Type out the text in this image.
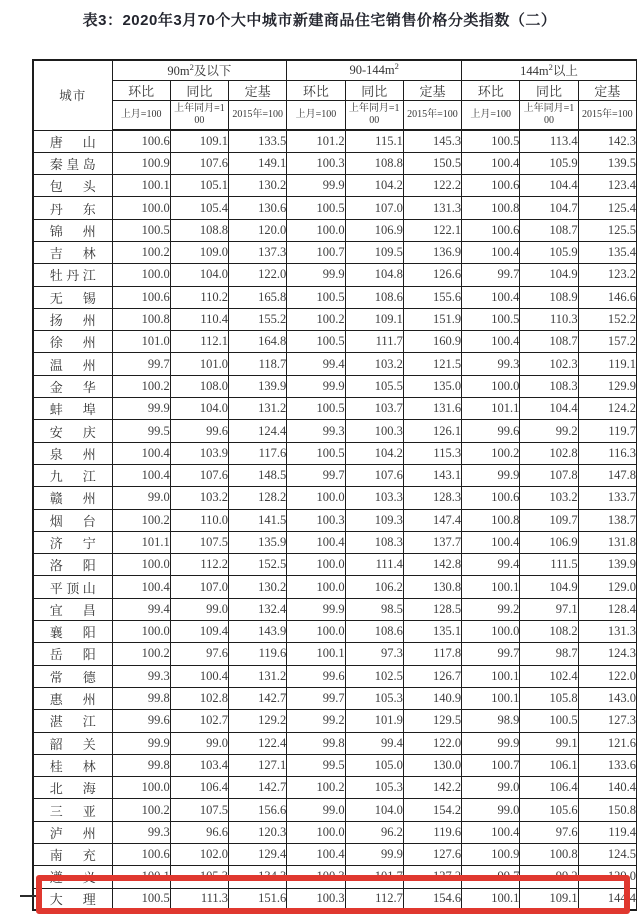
表3：2020年3月70个大中城市新建商品住宅销售价格分类指数（二）
城市	$90m^2$及以下			$90-144m^2$			$144m^2$以上		
	环比	同比	定基	环比	同比	定基	环比	同比	定基
	上月=100	上年同月=100	2015年=100	上月=100	上年同月=100	2015年=100	上月=100	上年同月=100	2015年=100
唐山	100.6	109.1	133.5	101.2	115.1	145.3	100.5	113.4	142.3
秦皇岛	100.9	107.6	149.1	100.3	108.8	150.5	100.4	105.9	139.5
包头	100.1	105.1	130.2	99.9	104.2	122.2	100.6	104.4	123.4
丹东	100.0	105.4	130.6	100.5	107.0	131.3	100.8	104.7	125.4
锦州	100.5	108.8	120.0	100.0	106.9	122.1	100.6	108.7	125.5
吉林	100.2	109.0	137.3	100.7	109.5	136.9	100.4	105.9	135.4
牡丹江	100.0	104.0	122.0	99.9	104.8	126.6	99.7	104.9	123.2
无锡	100.6	110.2	165.8	100.5	108.6	155.6	100.4	108.9	146.6
扬州	100.8	110.4	155.2	100.2	109.1	151.9	100.5	110.3	152.2
徐州	101.0	112.1	164.8	100.5	111.7	160.9	100.4	108.7	157.2
温州	99.7	101.0	118.7	99.4	103.2	121.5	99.3	102.3	119.1
金华	100.2	108.0	139.9	99.9	105.5	135.0	100.0	108.3	129.9
蚌埠	99.9	104.0	131.2	100.5	103.7	131.6	101.1	104.4	124.2
安庆	99.5	99.6	124.4	99.3	100.3	126.1	99.6	99.2	119.7
泉州	100.4	103.9	117.6	100.5	104.2	115.3	100.2	102.8	116.3
九江	100.4	107.6	148.5	99.7	107.6	143.1	99.9	107.8	147.8
赣州	99.0	103.2	128.2	100.0	103.3	128.3	100.6	103.2	133.7
烟台	100.2	110.0	141.5	100.3	109.3	147.4	100.8	109.7	138.7
济宁	101.1	107.5	135.9	100.4	108.3	137.7	100.4	106.9	131.8
洛阳	100.0	112.2	152.5	100.0	111.4	142.8	99.4	111.5	139.9
平顶山	100.4	107.0	130.2	100.0	106.2	130.8	100.1	104.9	129.0
宜昌	99.4	99.0	132.4	99.9	98.5	128.5	99.2	97.1	128.4
襄阳	100.0	109.4	143.9	100.0	108.6	135.1	100.0	108.2	131.3
岳阳	100.2	97.6	119.6	100.1	97.3	117.8	99.7	98.7	124.3
常德	99.3	100.4	131.2	99.6	102.5	126.7	100.1	102.4	122.0
惠州	99.8	102.8	142.7	99.7	105.3	140.9	100.1	105.8	143.0
湛江	99.6	102.7	129.2	99.2	101.9	129.5	98.9	100.5	127.3
韶关	99.9	99.0	122.4	99.8	99.4	122.0	99.9	99.1	121.6
桂林	99.8	103.4	127.1	99.5	105.0	130.0	100.7	106.1	133.6
北海	100.0	106.4	142.7	100.2	105.3	142.2	99.0	106.4	140.4
三亚	100.2	107.5	156.6	99.0	104.0	154.2	99.0	105.6	150.8
泸州	99.3	96.6	120.3	100.0	96.2	119.6	100.4	97.6	119.4
南充	100.6	102.0	129.4	100.4	99.9	127.6	100.9	100.8	124.5
遵义	100.1	105.3	134.3	100.3	101.7	127.2	99.7	99.2	129.0
大理	100.5	111.3	151.6	100.3	112.7	154.6	100.1	109.1	144.4
